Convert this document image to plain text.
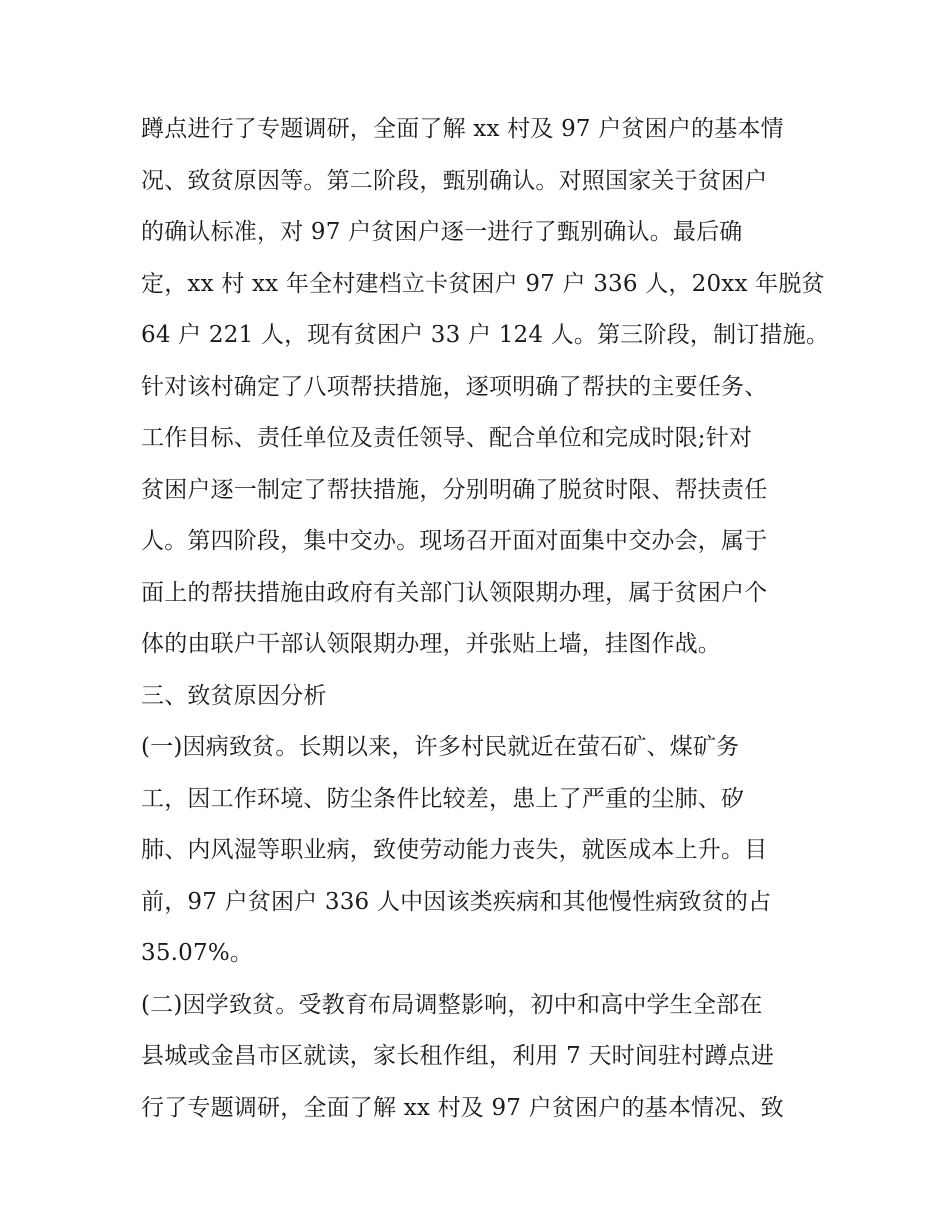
蹲点进行了专题调研，全面了解 xx 村及 97 户贫困户的基本情
况、致贫原因等。第二阶段，甄别确认。对照国家关于贫困户
的确认标准，对 97 户贫困户逐一进行了甄别确认。最后确
定，xx 村 xx 年全村建档立卡贫困户 97 户 336 人，20xx 年脱贫
64 户 221 人，现有贫困户 33 户 124 人。第三阶段，制订措施。
针对该村确定了八项帮扶措施，逐项明确了帮扶的主要任务、
工作目标、责任单位及责任领导、配合单位和完成时限;针对
贫困户逐一制定了帮扶措施，分别明确了脱贫时限、帮扶责任
人。第四阶段，集中交办。现场召开面对面集中交办会，属于
面上的帮扶措施由政府有关部门认领限期办理，属于贫困户个
体的由联户干部认领限期办理，并张贴上墙，挂图作战。
三、致贫原因分析
(一)因病致贫。长期以来，许多村民就近在萤石矿、煤矿务
工，因工作环境、防尘条件比较差，患上了严重的尘肺、矽
肺、内风湿等职业病，致使劳动能力丧失，就医成本上升。目
前，97 户贫困户 336 人中因该类疾病和其他慢性病致贫的占
35.07%。
(二)因学致贫。受教育布局调整影响，初中和高中学生全部在
县城或金昌市区就读，家长租作组，利用 7 天时间驻村蹲点进
行了专题调研，全面了解 xx 村及 97 户贫困户的基本情况、致
